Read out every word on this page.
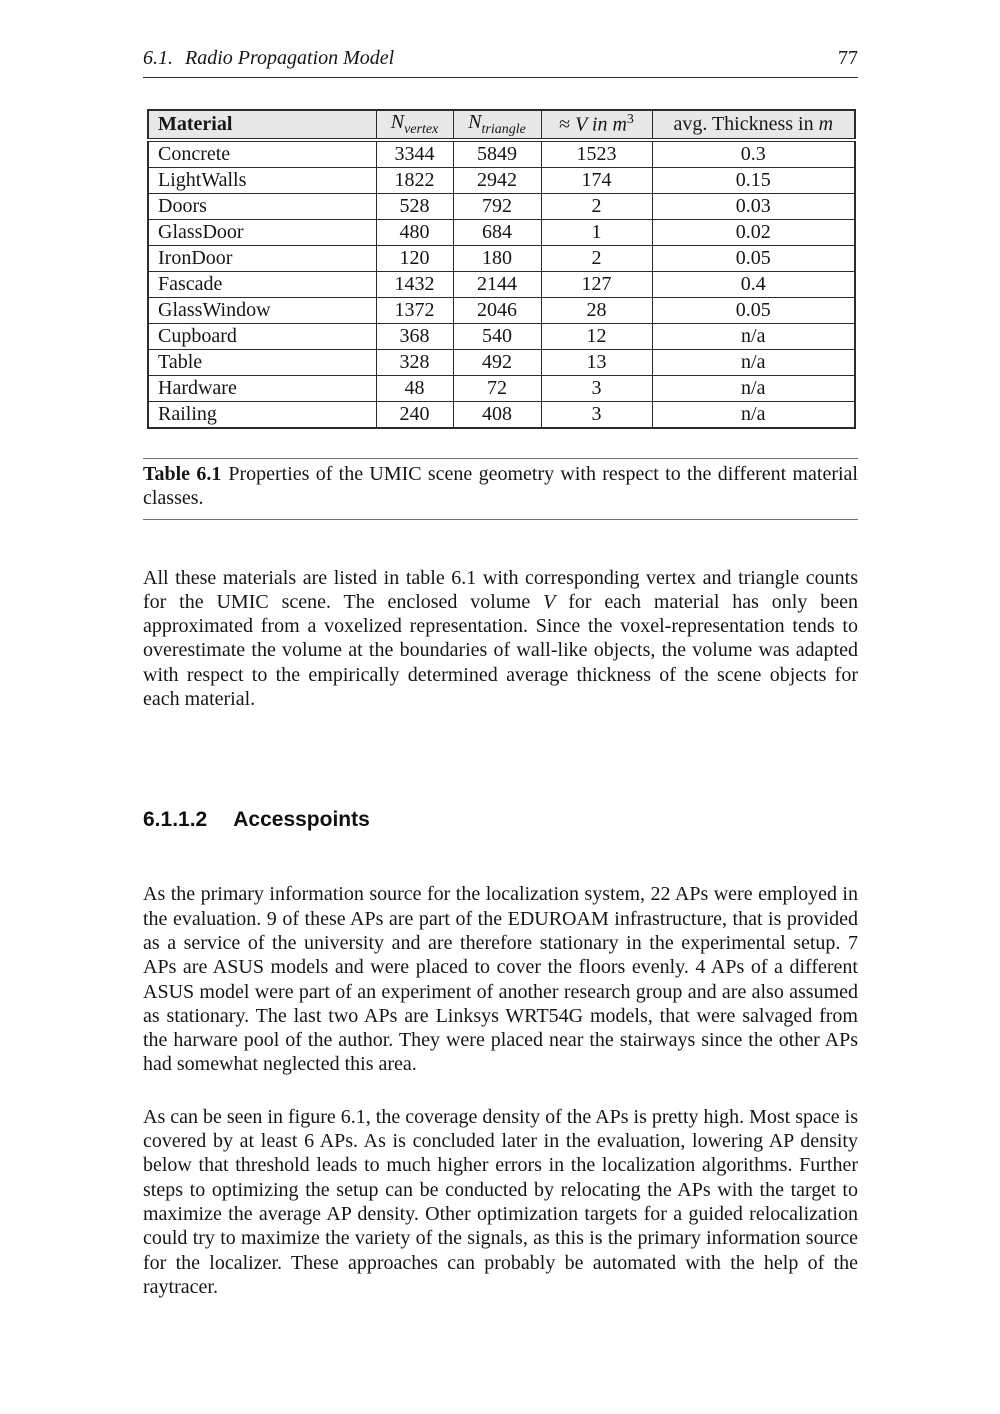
6.1. Radio Propagation Model	77
Material	$N_{vertex}$	$N_{triangle}$	≈ V in $m^3$	avg. Thickness in m
Concrete	3344	5849	1523	0.3
LightWalls	1822	2942	174	0.15
Doors	528	792	2	0.03
GlassDoor	480	684	1	0.02
IronDoor	120	180	2	0.05
Fascade	1432	2144	127	0.4
GlassWindow	1372	2046	28	0.05
Cupboard	368	540	12	n/a
Table	328	492	13	n/a
Hardware	48	72	3	n/a
Railing	240	408	3	n/a
Table 6.1 Properties of the UMIC scene geometry with respect to the different material classes.

All these materials are listed in table 6.1 with corresponding vertex and triangle counts for the UMIC scene. The enclosed volume V for each material has only been approximated from a voxelized representation. Since the voxel-representation tends to overestimate the volume at the boundaries of wall-like objects, the volume was adapted with respect to the empirically determined average thickness of the scene objects for each material.

6.1.1.2 Accesspoints

As the primary information source for the localization system, 22 APs were employed in the evaluation. 9 of these APs are part of the EDUROAM infrastructure, that is provided as a service of the university and are therefore stationary in the experimental setup. 7 APs are ASUS models and were placed to cover the floors evenly. 4 APs of a different ASUS model were part of an experiment of another research group and are also assumed as stationary. The last two APs are Linksys WRT54G models, that were salvaged from the harware pool of the author. They were placed near the stairways since the other APs had somewhat neglected this area.

As can be seen in figure 6.1, the coverage density of the APs is pretty high. Most space is covered by at least 6 APs. As is concluded later in the evaluation, lowering AP density below that threshold leads to much higher errors in the localization algorithms. Further steps to optimizing the setup can be conducted by relocating the APs with the target to maximize the average AP density. Other optimization targets for a guided relocalization could try to maximize the variety of the signals, as this is the primary information source for the localizer. These approaches can probably be automated with the help of the raytracer.
